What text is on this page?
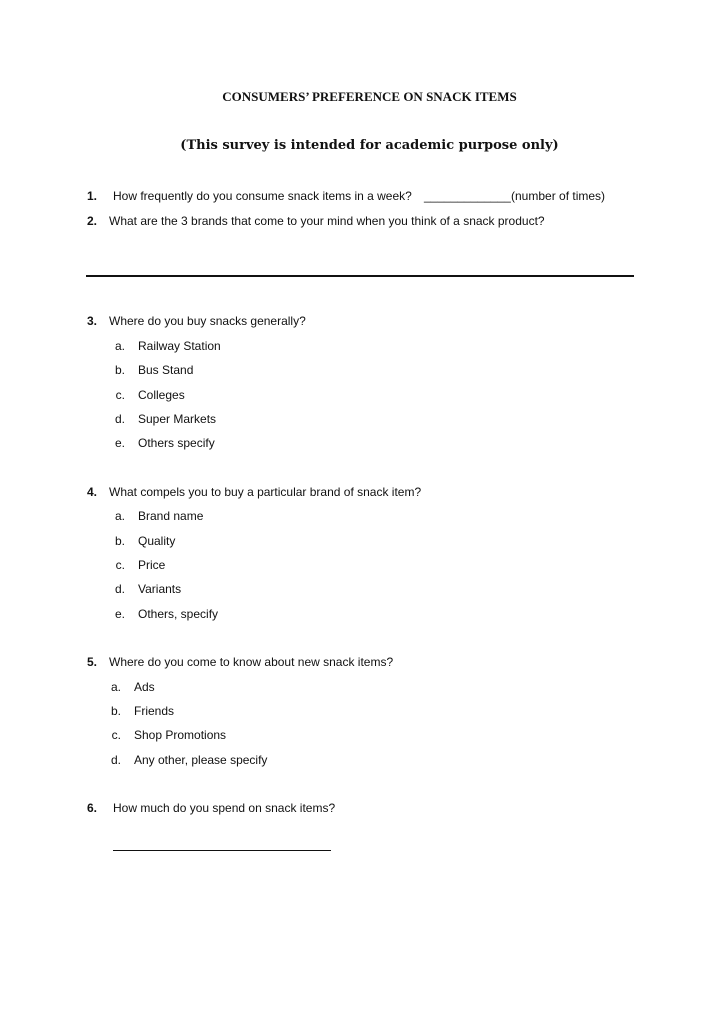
CONSUMERS’ PREFERENCE ON SNACK ITEMS
(This survey is intended for academic purpose only)
1. How frequently do you consume snack items in a week? _____________ (number of times)
2. What are the 3 brands that come to your mind when you think of a snack product?
3. Where do you buy snacks generally?
a. Railway Station
b. Bus Stand
c. Colleges
d. Super Markets
e. Others specify
4. What compels you to buy a particular brand of snack item?
a. Brand name
b. Quality
c. Price
d. Variants
e. Others, specify
5. Where do you come to know about new snack items?
a. Ads
b. Friends
c. Shop Promotions
d. Any other, please specify
6. How much do you spend on snack items?
